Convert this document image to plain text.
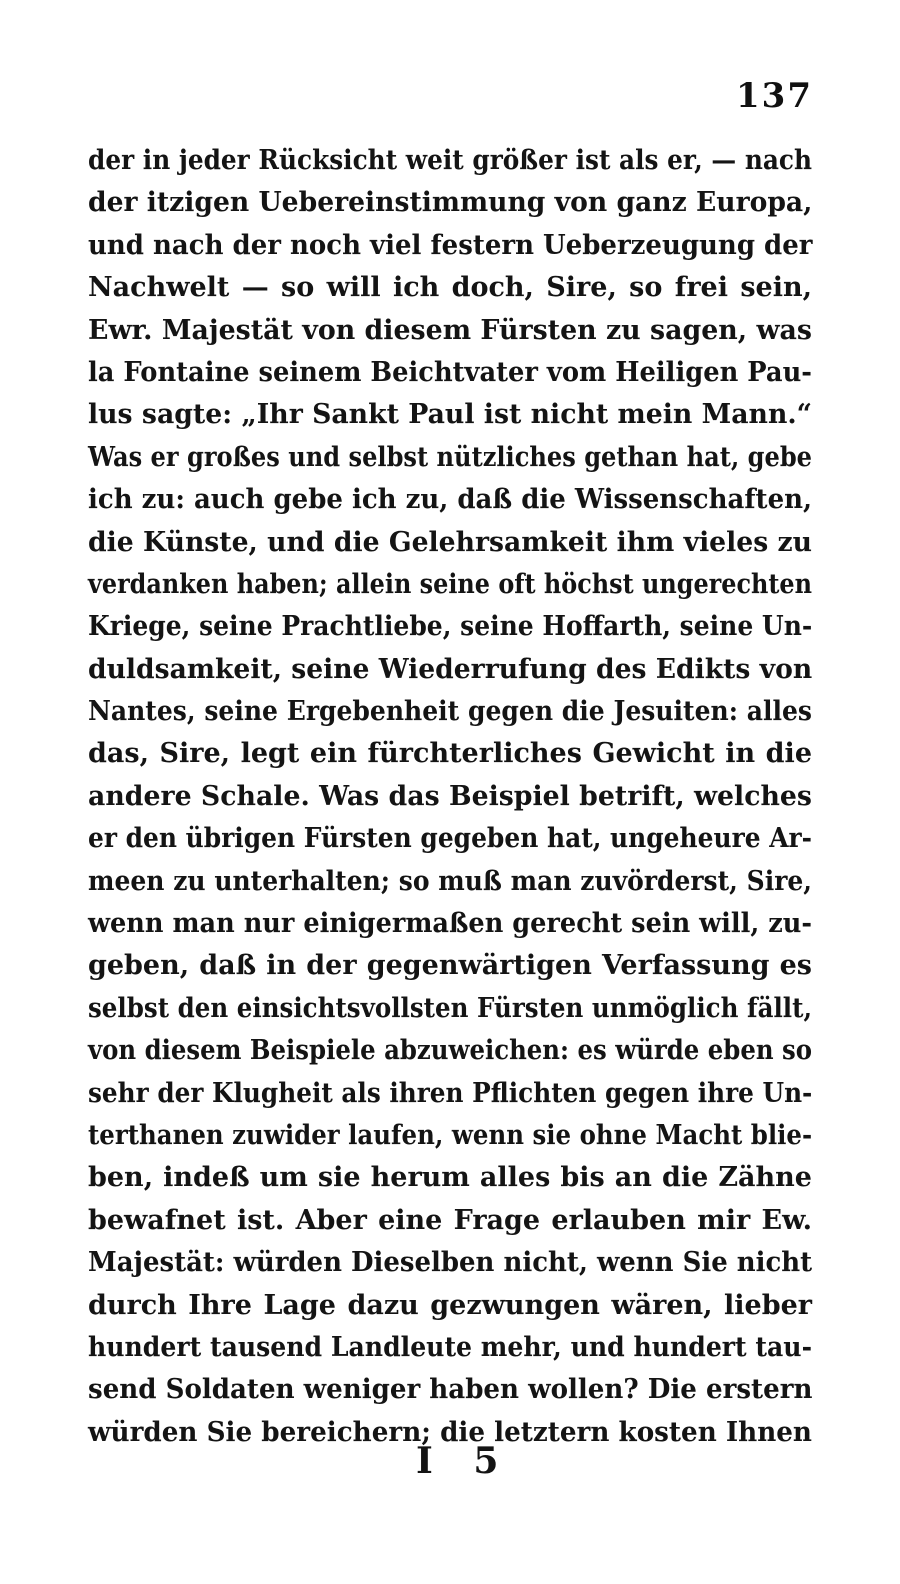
137
der in jeder Rücksicht weit größer ist als er, — nach
der itzigen Uebereinstimmung von ganz Europa,
und nach der noch viel festern Ueberzeugung der
Nachwelt — so will ich doch, Sire, so frei sein,
Ewr. Majestät von diesem Fürsten zu sagen, was
la Fontaine seinem Beichtvater vom Heiligen Pau-
lus sagte: „Ihr Sankt Paul ist nicht mein Mann.“
Was er großes und selbst nützliches gethan hat, gebe
ich zu: auch gebe ich zu, daß die Wissenschaften,
die Künste, und die Gelehrsamkeit ihm vieles zu
verdanken haben; allein seine oft höchst ungerechten
Kriege, seine Prachtliebe, seine Hoffarth, seine Un-
duldsamkeit, seine Wiederrufung des Edikts von
Nantes, seine Ergebenheit gegen die Jesuiten: alles
das, Sire, legt ein fürchterliches Gewicht in die
andere Schale. Was das Beispiel betrift, welches
er den übrigen Fürsten gegeben hat, ungeheure Ar-
meen zu unterhalten; so muß man zuvörderst, Sire,
wenn man nur einigermaßen gerecht sein will, zu-
geben, daß in der gegenwärtigen Verfassung es
selbst den einsichtsvollsten Fürsten unmöglich fällt,
von diesem Beispiele abzuweichen: es würde eben so
sehr der Klugheit als ihren Pflichten gegen ihre Un-
terthanen zuwider laufen, wenn sie ohne Macht blie-
ben, indeß um sie herum alles bis an die Zähne
bewafnet ist. Aber eine Frage erlauben mir Ew.
Majestät: würden Dieselben nicht, wenn Sie nicht
durch Ihre Lage dazu gezwungen wären, lieber
hundert tausend Landleute mehr, und hundert tau-
send Soldaten weniger haben wollen? Die erstern
würden Sie bereichern; die letztern kosten Ihnen
I 5
